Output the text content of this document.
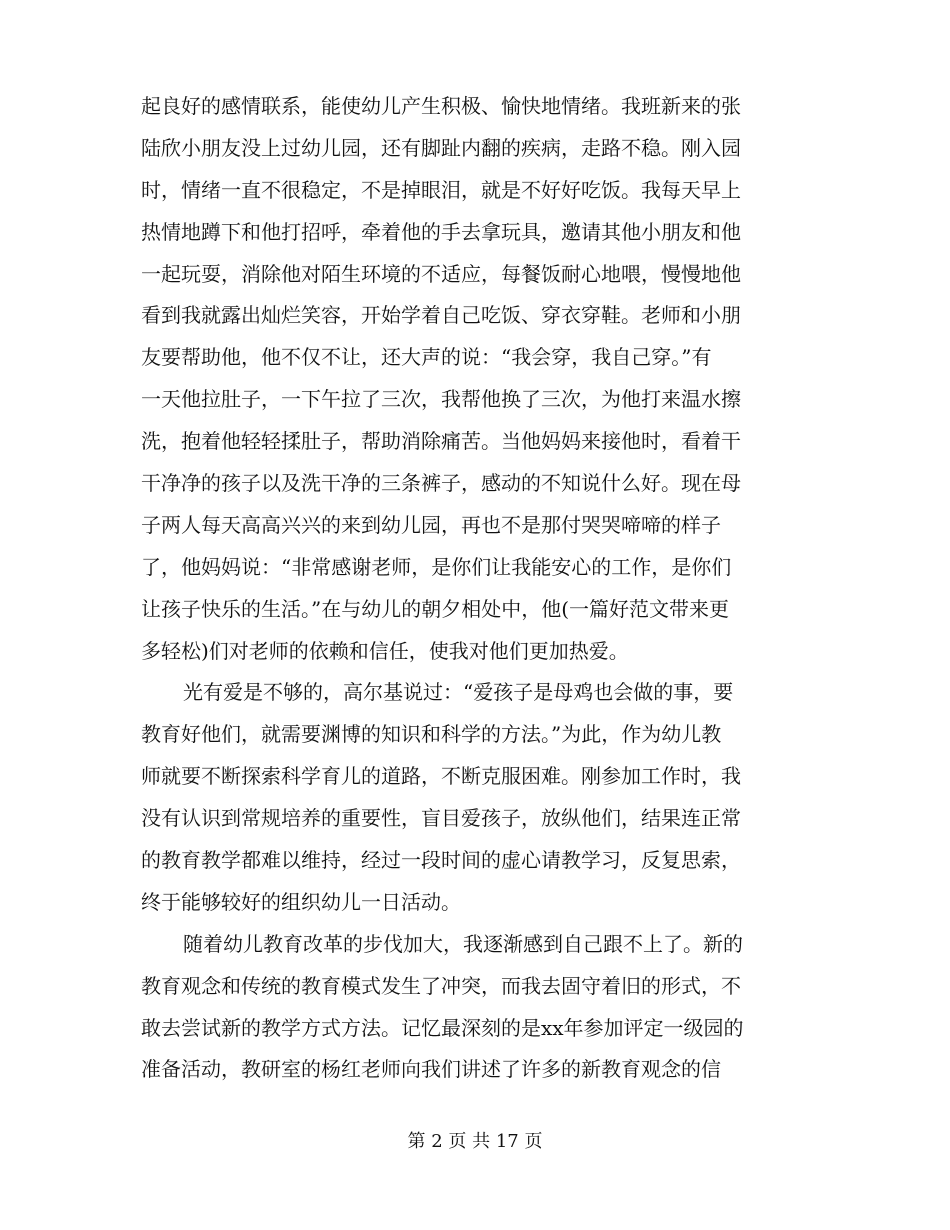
起良好的感情联系，能使幼儿产生积极、愉快地情绪。我班新来的张
陆欣小朋友没上过幼儿园，还有脚趾内翻的疾病，走路不稳。刚入园
时，情绪一直不很稳定，不是掉眼泪，就是不好好吃饭。我每天早上
热情地蹲下和他打招呼，牵着他的手去拿玩具，邀请其他小朋友和他
一起玩耍，消除他对陌生环境的不适应，每餐饭耐心地喂，慢慢地他
看到我就露出灿烂笑容，开始学着自己吃饭、穿衣穿鞋。老师和小朋
友要帮助他，他不仅不让，还大声的说：“我会穿，我自己穿。”有
一天他拉肚子，一下午拉了三次，我帮他换了三次，为他打来温水擦
洗，抱着他轻轻揉肚子，帮助消除痛苦。当他妈妈来接他时，看着干
干净净的孩子以及洗干净的三条裤子，感动的不知说什么好。现在母
子两人每天高高兴兴的来到幼儿园，再也不是那付哭哭啼啼的样子
了，他妈妈说：“非常感谢老师，是你们让我能安心的工作，是你们
让孩子快乐的生活。”在与幼儿的朝夕相处中，他(一篇好范文带来更
多轻松)们对老师的依赖和信任，使我对他们更加热爱。
光有爱是不够的，高尔基说过：“爱孩子是母鸡也会做的事，要
教育好他们，就需要渊博的知识和科学的方法。”为此，作为幼儿教
师就要不断探索科学育儿的道路，不断克服困难。刚参加工作时，我
没有认识到常规培养的重要性，盲目爱孩子，放纵他们，结果连正常
的教育教学都难以维持，经过一段时间的虚心请教学习，反复思索，
终于能够较好的组织幼儿一日活动。
随着幼儿教育改革的步伐加大，我逐渐感到自己跟不上了。新的
教育观念和传统的教育模式发生了冲突，而我去固守着旧的形式，不
敢去尝试新的教学方式方法。记忆最深刻的是xx年参加评定一级园的
准备活动，教研室的杨红老师向我们讲述了许多的新教育观念的信
第 2 页 共 17 页
